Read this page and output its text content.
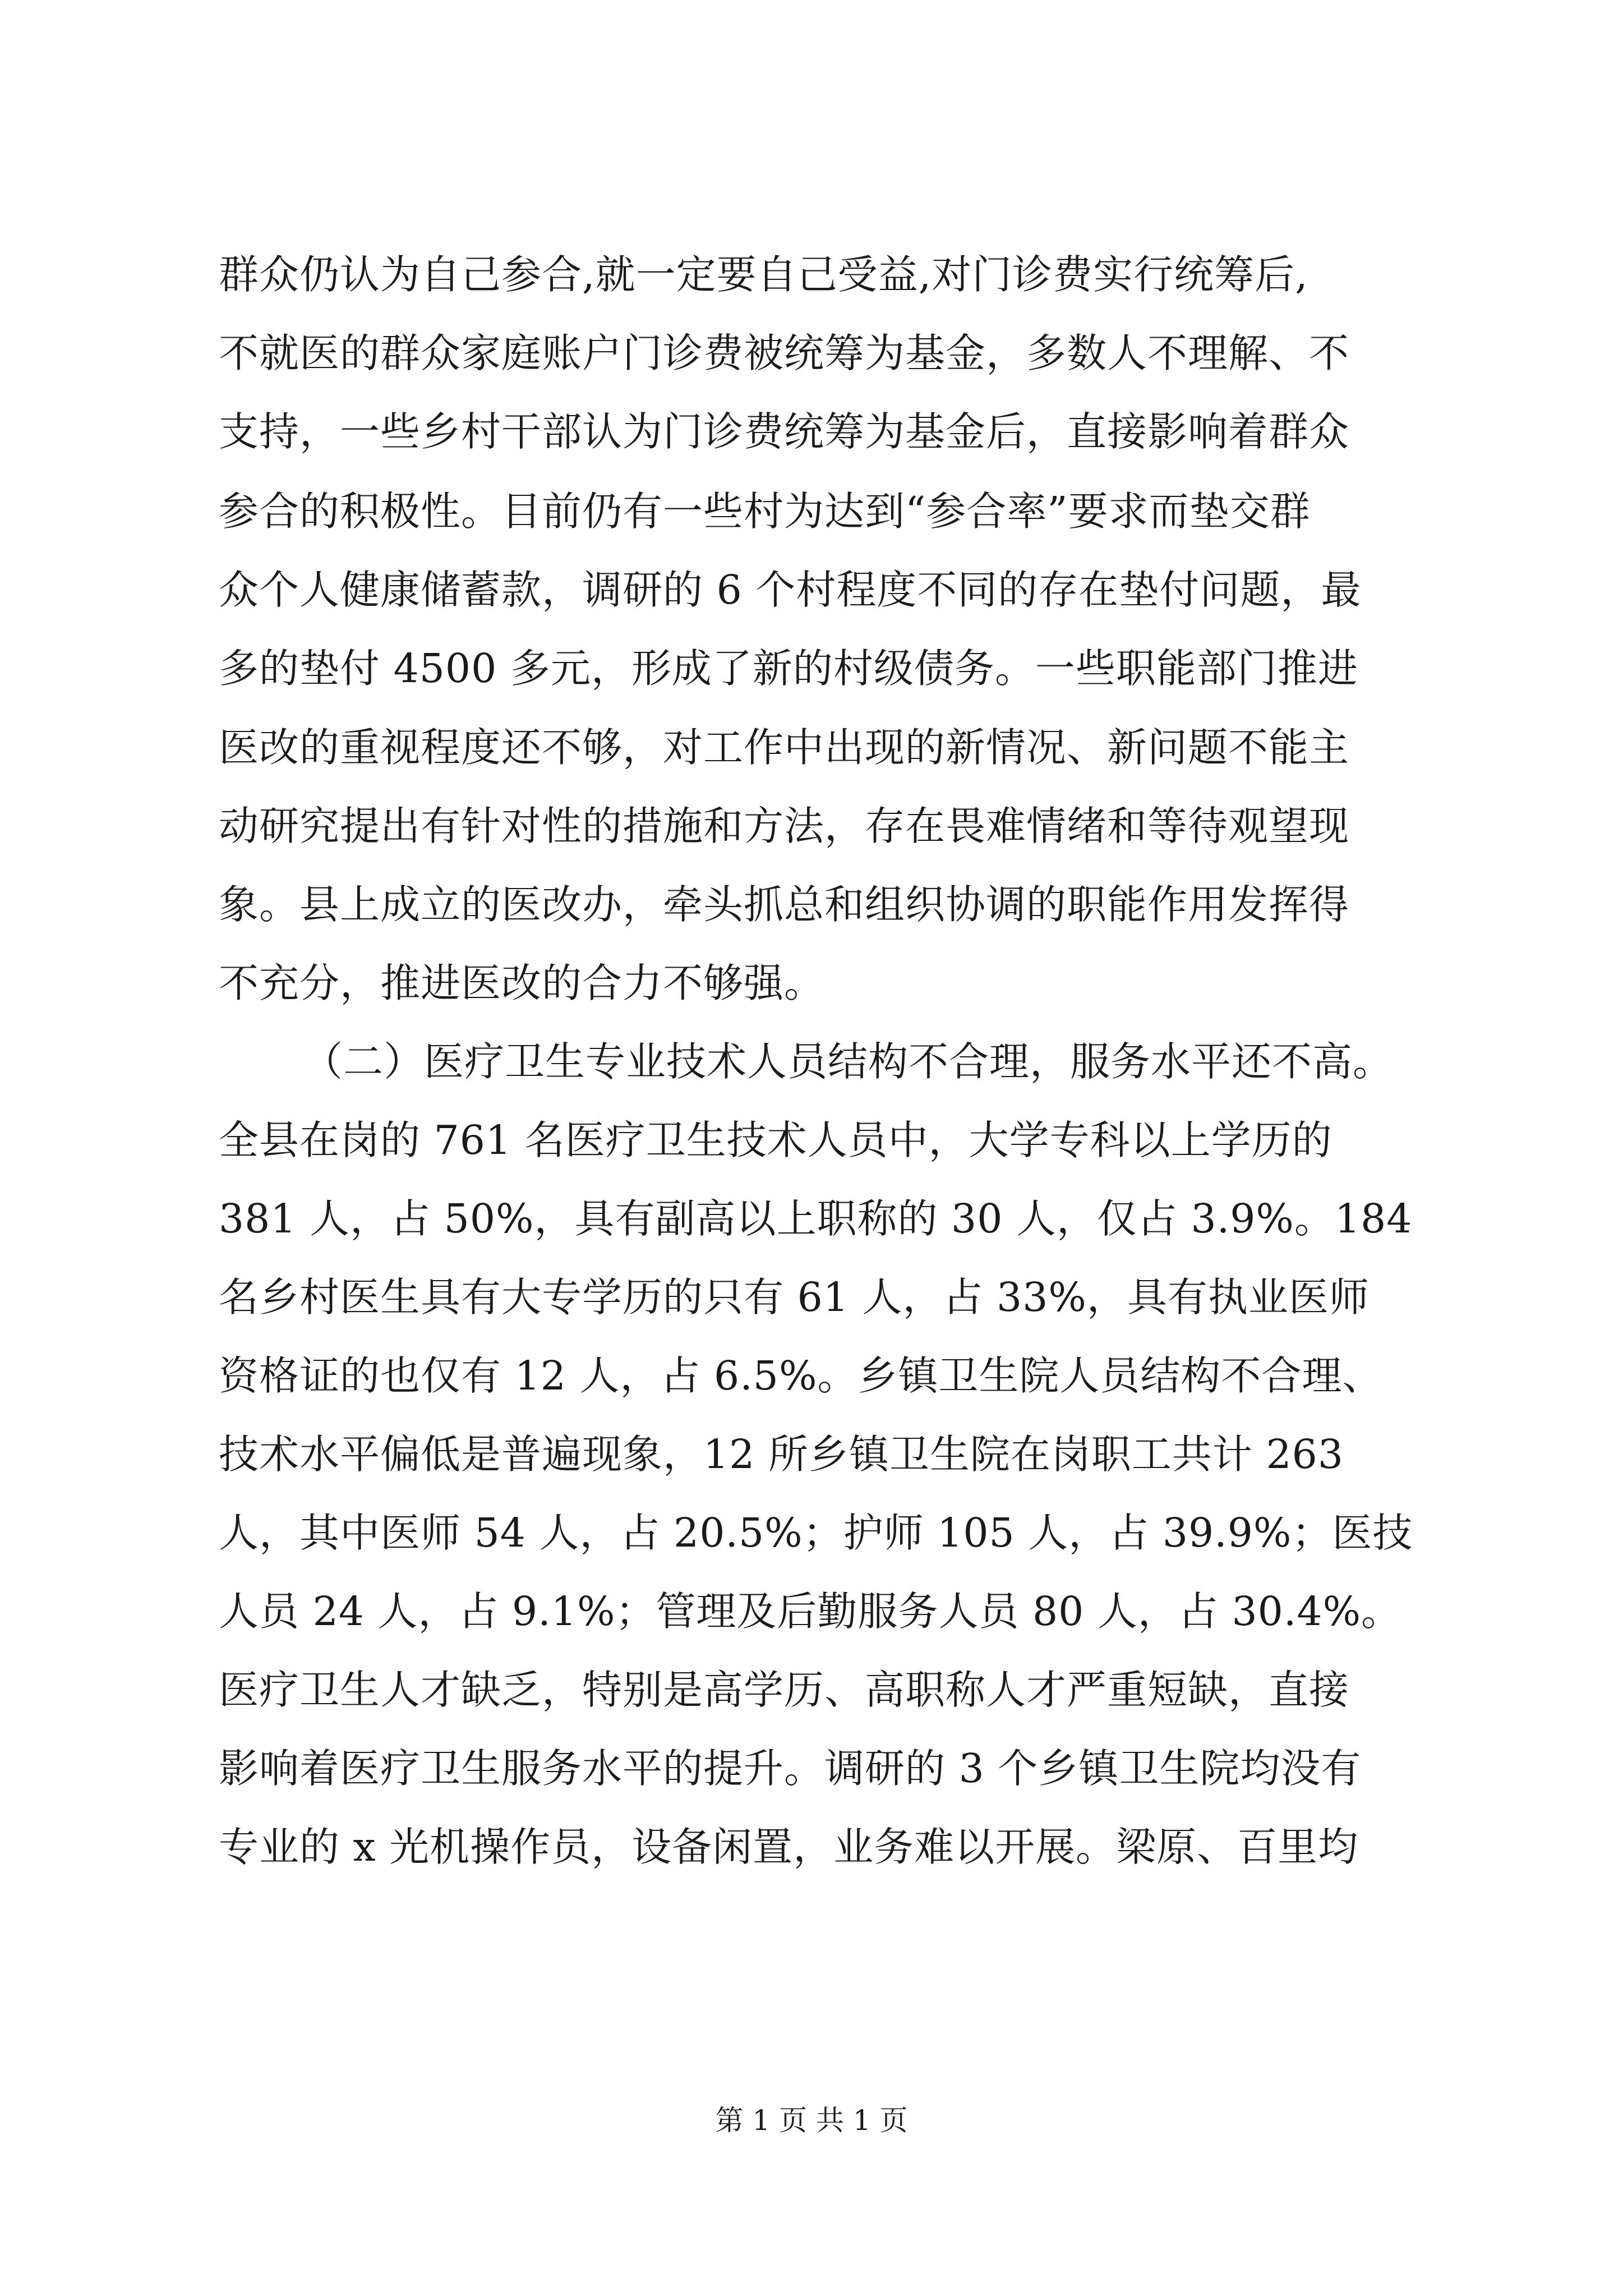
群众仍认为自己参合,就一定要自己受益,对门诊费实行统筹后,
不就医的群众家庭账户门诊费被统筹为基金，多数人不理解、不
支持，一些乡村干部认为门诊费统筹为基金后，直接影响着群众
参合的积极性。目前仍有一些村为达到“参合率”要求而垫交群
众个人健康储蓄款，调研的 6 个村程度不同的存在垫付问题，最
多的垫付 4500 多元，形成了新的村级债务。一些职能部门推进
医改的重视程度还不够，对工作中出现的新情况、新问题不能主
动研究提出有针对性的措施和方法，存在畏难情绪和等待观望现
象。县上成立的医改办，牵头抓总和组织协调的职能作用发挥得
不充分，推进医改的合力不够强。
（二）医疗卫生专业技术人员结构不合理，服务水平还不高。
全县在岗的 761 名医疗卫生技术人员中，大学专科以上学历的
381 人，占 50%，具有副高以上职称的 30 人，仅占 3.9%。184
名乡村医生具有大专学历的只有 61 人，占 33%，具有执业医师
资格证的也仅有 12 人，占 6.5%。乡镇卫生院人员结构不合理、
技术水平偏低是普遍现象，12 所乡镇卫生院在岗职工共计 263
人，其中医师 54 人，占 20.5%；护师 105 人，占 39.9%；医技
人员 24 人，占 9.1%；管理及后勤服务人员 80 人，占 30.4%。
医疗卫生人才缺乏，特别是高学历、高职称人才严重短缺，直接
影响着医疗卫生服务水平的提升。调研的 3 个乡镇卫生院均没有
专业的 x 光机操作员，设备闲置，业务难以开展。梁原、百里均
第 1 页 共 1 页
